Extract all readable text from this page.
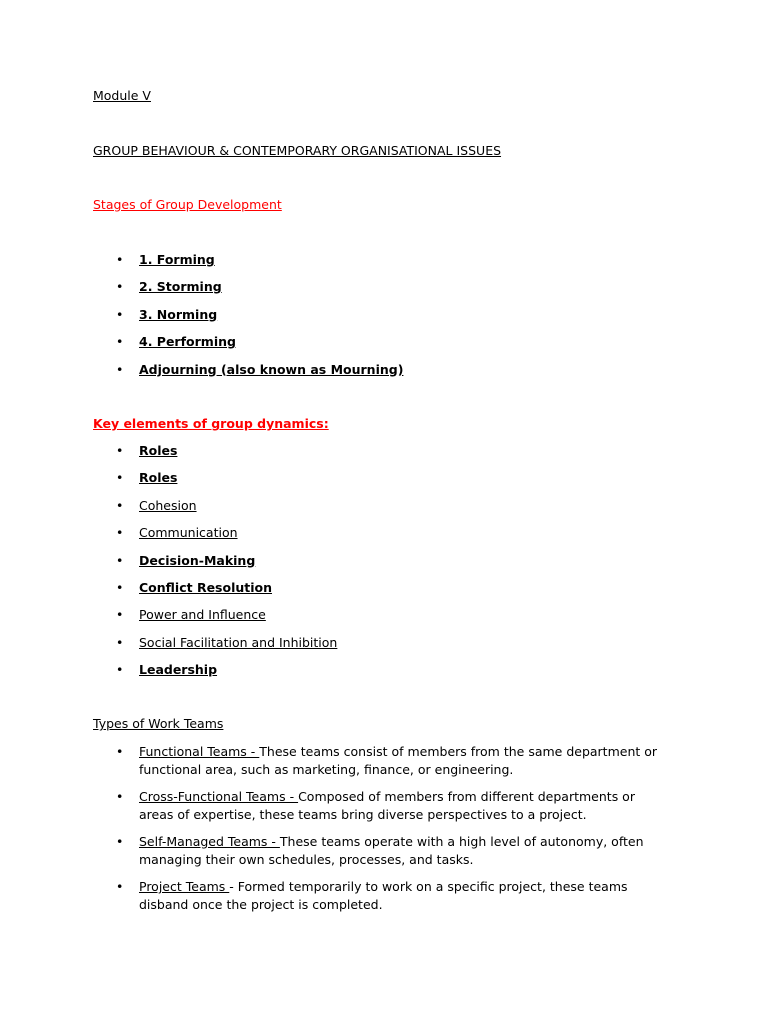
Module V
GROUP BEHAVIOUR & CONTEMPORARY ORGANISATIONAL ISSUES
Stages of Group Development
• 1. Forming
• 2. Storming
• 3. Norming
• 4. Performing
• Adjourning (also known as Mourning)
Key elements of group dynamics:
• Roles
• Roles
• Cohesion
• Communication
• Decision-Making
• Conflict Resolution
• Power and Influence
• Social Facilitation and Inhibition
• Leadership
Types of Work Teams
• Functional Teams - These teams consist of members from the same department or functional area, such as marketing, finance, or engineering.
• Cross-Functional Teams - Composed of members from different departments or areas of expertise, these teams bring diverse perspectives to a project.
• Self-Managed Teams - These teams operate with a high level of autonomy, often managing their own schedules, processes, and tasks.
• Project Teams - Formed temporarily to work on a specific project, these teams disband once the project is completed.
